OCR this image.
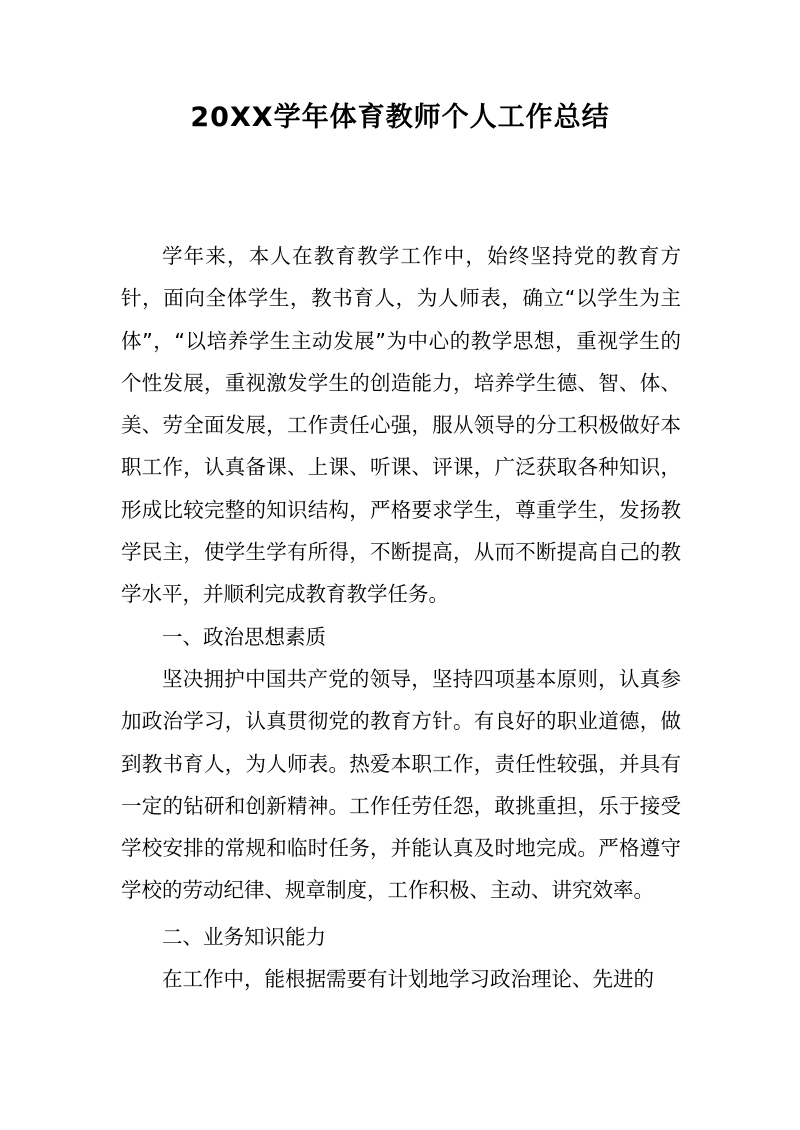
20XX学年体育教师个人工作总结

学年来，本人在教育教学工作中，始终坚持党的教育方针，面向全体学生，教书育人，为人师表，确立“以学生为主体”，“以培养学生主动发展”为中心的教学思想，重视学生的个性发展，重视激发学生的创造能力，培养学生德、智、体、美、劳全面发展，工作责任心强，服从领导的分工积极做好本职工作，认真备课、上课、听课、评课，广泛获取各种知识，形成比较完整的知识结构，严格要求学生，尊重学生，发扬教学民主，使学生学有所得，不断提高，从而不断提高自己的教学水平，并顺利完成教育教学任务。

一、政治思想素质

坚决拥护中国共产党的领导，坚持四项基本原则，认真参加政治学习，认真贯彻党的教育方针。有良好的职业道德，做到教书育人，为人师表。热爱本职工作，责任性较强，并具有一定的钻研和创新精神。工作任劳任怨，敢挑重担，乐于接受学校安排的常规和临时任务，并能认真及时地完成。严格遵守学校的劳动纪律、规章制度，工作积极、主动、讲究效率。

二、业务知识能力

在工作中，能根据需要有计划地学习政治理论、先进的
